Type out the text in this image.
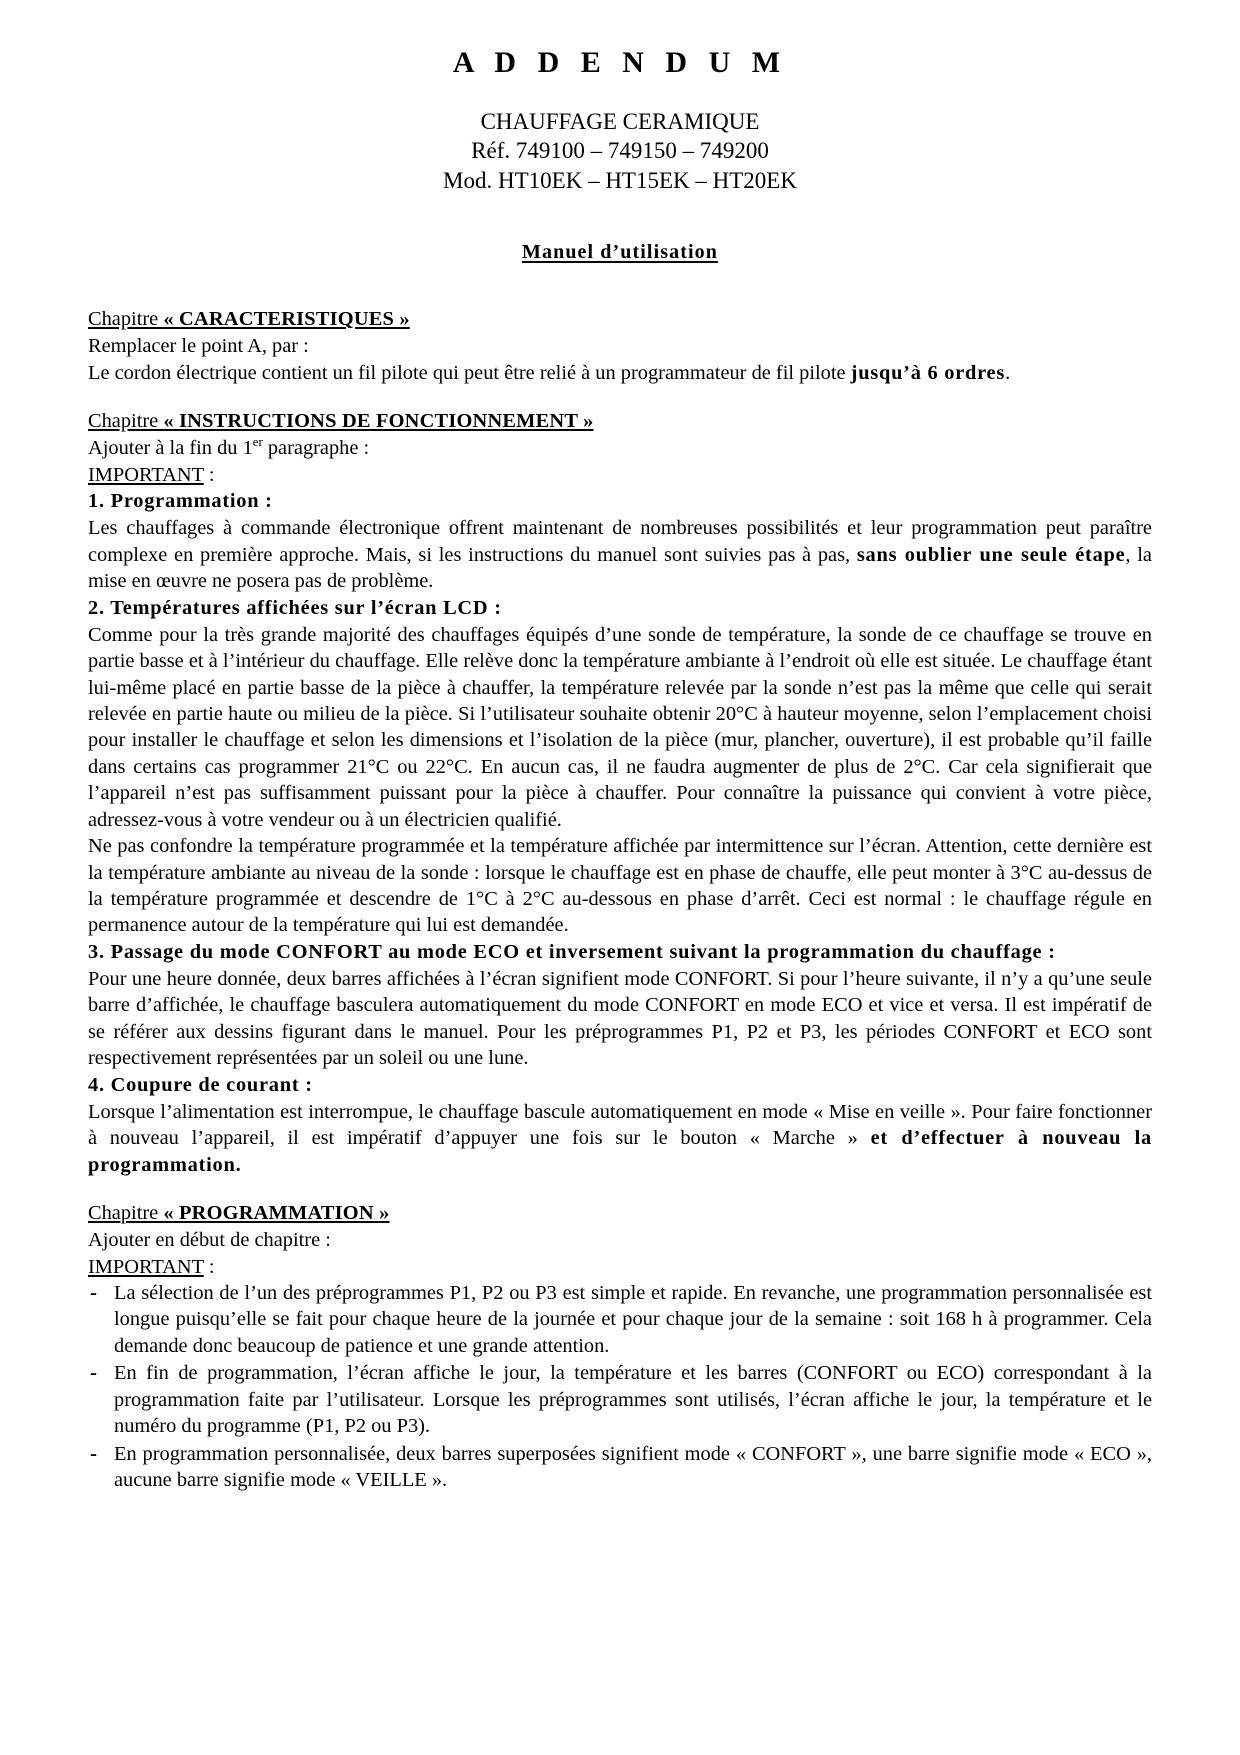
A D D E N D U M
CHAUFFAGE CERAMIQUE
Réf. 749100 – 749150 – 749200
Mod. HT10EK – HT15EK – HT20EK
Manuel d’utilisation

Chapitre « CARACTERISTIQUES »

Remplacer le point A, par :

Le cordon électrique contient un fil pilote qui peut être relié à un programmateur de fil pilote jusqu’à 6 ordres.

Chapitre « INSTRUCTIONS DE FONCTIONNEMENT »

Ajouter à la fin du 1er paragraphe :

IMPORTANT :

1. Programmation :

Les chauffages à commande électronique offrent maintenant de nombreuses possibilités et leur programmation peut paraître complexe en première approche. Mais, si les instructions du manuel sont suivies pas à pas, sans oublier une seule étape, la mise en œuvre ne posera pas de problème.

2. Températures affichées sur l’écran LCD :

Comme pour la très grande majorité des chauffages équipés d’une sonde de température, la sonde de ce chauffage se trouve en partie basse et à l’intérieur du chauffage. Elle relève donc la température ambiante à l’endroit où elle est située. Le chauffage étant lui-même placé en partie basse de la pièce à chauffer, la température relevée par la sonde n’est pas la même que celle qui serait relevée en partie haute ou milieu de la pièce. Si l’utilisateur souhaite obtenir 20°C à hauteur moyenne, selon l’emplacement choisi pour installer le chauffage et selon les dimensions et l’isolation de la pièce (mur, plancher, ouverture), il est probable qu’il faille dans certains cas programmer 21°C ou 22°C. En aucun cas, il ne faudra augmenter de plus de 2°C. Car cela signifierait que l’appareil n’est pas suffisamment puissant pour la pièce à chauffer. Pour connaître la puissance qui convient à votre pièce, adressez-vous à votre vendeur ou à un électricien qualifié.

Ne pas confondre la température programmée et la température affichée par intermittence sur l’écran. Attention, cette dernière est la température ambiante au niveau de la sonde : lorsque le chauffage est en phase de chauffe, elle peut monter à 3°C au-dessus de la température programmée et descendre de 1°C à 2°C au-dessous en phase d’arrêt. Ceci est normal : le chauffage régule en permanence autour de la température qui lui est demandée.

3. Passage du mode CONFORT au mode ECO et inversement suivant la programmation du chauffage :

Pour une heure donnée, deux barres affichées à l’écran signifient mode CONFORT. Si pour l’heure suivante, il n’y a qu’une seule barre d’affichée, le chauffage basculera automatiquement du mode CONFORT en mode ECO et vice et versa. Il est impératif de se référer aux dessins figurant dans le manuel. Pour les préprogrammes P1, P2 et P3, les périodes CONFORT et ECO sont respectivement représentées par un soleil ou une lune.

4. Coupure de courant :

Lorsque l’alimentation est interrompue, le chauffage bascule automatiquement en mode « Mise en veille ». Pour faire fonctionner à nouveau l’appareil, il est impératif d’appuyer une fois sur le bouton « Marche » et d’effectuer à nouveau la programmation.

Chapitre « PROGRAMMATION »

Ajouter en début de chapitre :

IMPORTANT :

- La sélection de l’un des préprogrammes P1, P2 ou P3 est simple et rapide. En revanche, une programmation personnalisée est longue puisqu’elle se fait pour chaque heure de la journée et pour chaque jour de la semaine : soit 168 h à programmer. Cela demande donc beaucoup de patience et une grande attention.
- En fin de programmation, l’écran affiche le jour, la température et les barres (CONFORT ou ECO) correspondant à la programmation faite par l’utilisateur. Lorsque les préprogrammes sont utilisés, l’écran affiche le jour, la température et le numéro du programme (P1, P2 ou P3).
- En programmation personnalisée, deux barres superposées signifient mode « CONFORT », une barre signifie mode « ECO », aucune barre signifie mode « VEILLE ».
